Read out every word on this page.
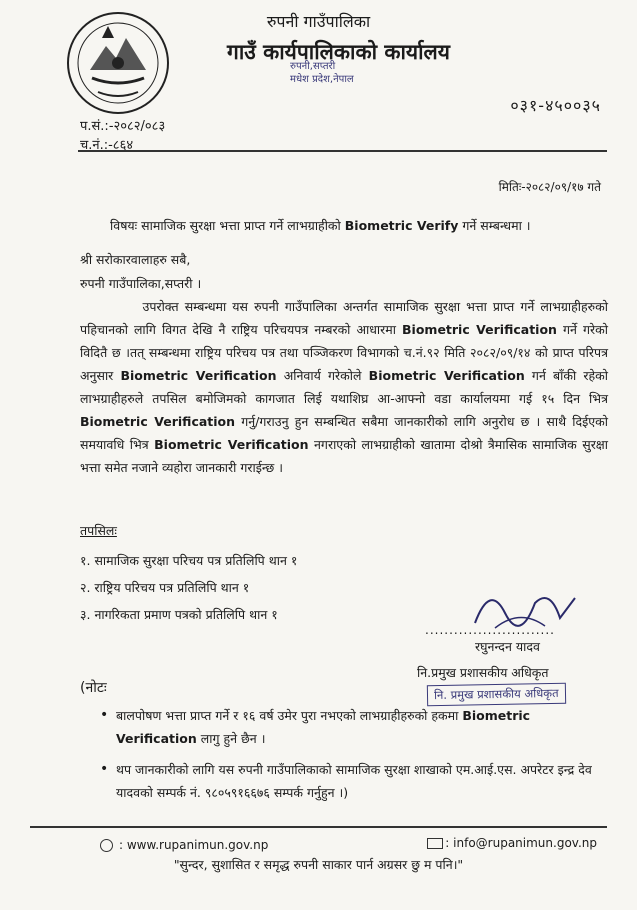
रुपनी गाउँपालिका
गाउँ कार्यपालिकाको कार्यालय
रुपनी,सप्तरी
मधेश प्रदेश,नेपाल
०३१-४५००३५
प.सं.:-२०८२/०८३
च.नं.:-८६४
मितिः-२०८२/०९/१७ गते
विषयः सामाजिक सुरक्षा भत्ता प्राप्त गर्ने लाभग्राहीको Biometric Verify गर्ने सम्बन्धमा ।
श्री सरोकारवालाहरु सबै,
रुपनी गाउँपालिका,सप्तरी ।
     उपरोक्त सम्बन्धमा यस रुपनी गाउँपालिका अन्तर्गत सामाजिक सुरक्षा भत्ता प्राप्त गर्ने लाभग्राहीहरुको पहिचानको लागि विगत देखि नै राष्ट्रिय परिचयपत्र नम्बरको आधारमा Biometric Verification गर्ने गरेको विदितै छ ।तत् सम्बन्धमा राष्ट्रिय परिचय पत्र तथा पञ्जिकरण विभागको च.नं.९२ मिति २०८२/०९/१४ को प्राप्त परिपत्र अनुसार Biometric Verification अनिवार्य गरेकोले Biometric Verification गर्न बाँकी रहेको लाभग्राहीहरुले तपसिल बमोजिमको कागजात लिई यथाशिघ्र आ-आफ्नो वडा कार्यालयमा गई १५ दिन भित्र Biometric Verification गर्नु/गराउनु हुन सम्बन्धित सबैमा जानकारीको लागि अनुरोध छ । साथै दिईएको समयावधि भित्र Biometric Verification नगराएको लाभग्राहीको खातामा दोश्रो त्रैमासिक सामाजिक सुरक्षा भत्ता समेत नजाने व्यहोरा जानकारी गराईन्छ ।
तपसिलः
१. सामाजिक सुरक्षा परिचय पत्र प्रतिलिपि थान १
२. राष्ट्रिय परिचय पत्र प्रतिलिपि थान १
३. नागरिकता प्रमाण पत्रको प्रतिलिपि थान १
...........................
रघुनन्दन यादव
नि.प्रमुख प्रशासकीय अधिकृत
नि. प्रमुख प्रशासकीय अधिकृत
(नोटः
• बालपोषण भत्ता प्राप्त गर्ने र १६ वर्ष उमेर पुरा नभएको लाभग्राहीहरुको हकमा Biometric Verification लागु हुने छैन ।
• थप जानकारीको लागि यस रुपनी गाउँपालिकाको सामाजिक सुरक्षा शाखाको एम.आई.एस. अपरेटर इन्द्र देव यादवको सम्पर्क नं. ९८०५९१६६७६ सम्पर्क गर्नुहुन ।)
: www.rupanimun.gov.np	: info@rupanimun.gov.np
"सुन्दर, सुशासित र समृद्ध रुपनी साकार पार्न अग्रसर छु म पनि।"
